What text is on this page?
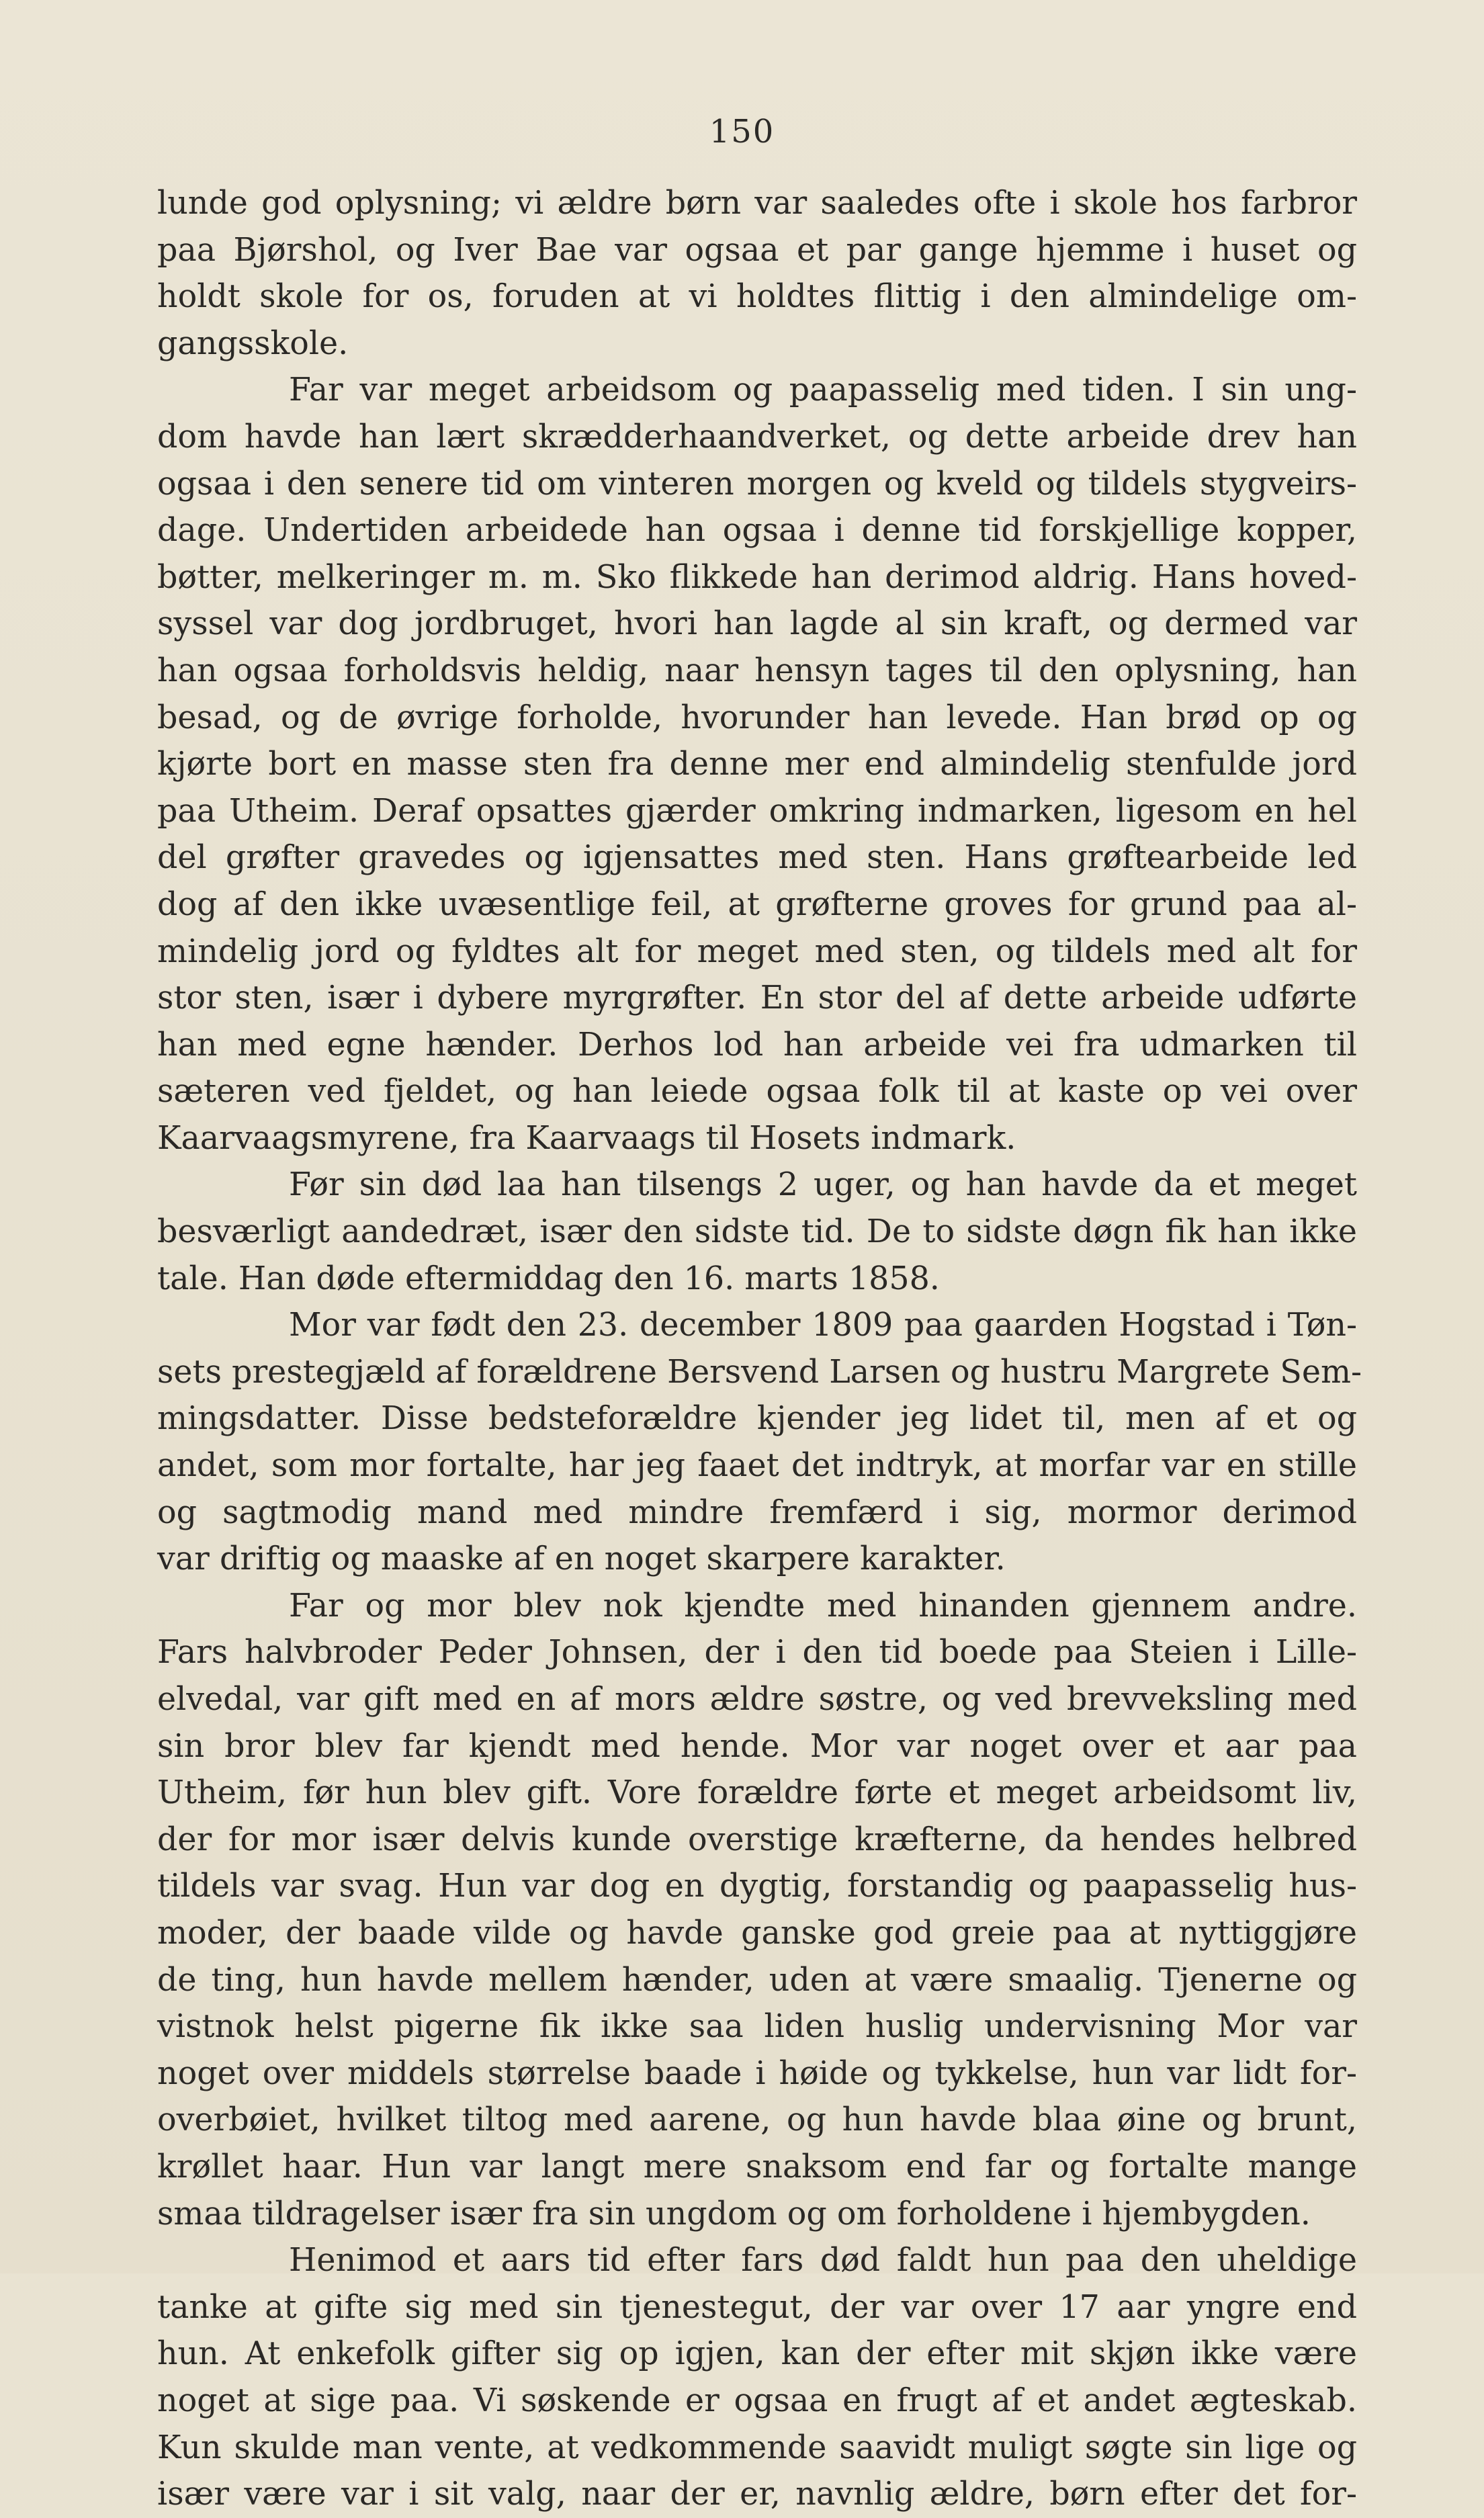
150
lunde god oplysning; vi ældre børn var saaledes ofte i skole hos farbror
paa Bjørshol, og Iver Bae var ogsaa et par gange hjemme i huset og
holdt skole for os, foruden at vi holdtes flittig i den almindelige om-
gangsskole.
Far var meget arbeidsom og paapasselig med tiden. I sin ung-
dom havde han lært skrædderhaandverket, og dette arbeide drev han
ogsaa i den senere tid om vinteren morgen og kveld og tildels stygveirs-
dage. Undertiden arbeidede han ogsaa i denne tid forskjellige kopper,
bøtter, melkeringer m. m. Sko flikkede han derimod aldrig. Hans hoved-
syssel var dog jordbruget, hvori han lagde al sin kraft, og dermed var
han ogsaa forholdsvis heldig, naar hensyn tages til den oplysning, han
besad, og de øvrige forholde, hvorunder han levede. Han brød op og
kjørte bort en masse sten fra denne mer end almindelig stenfulde jord
paa Utheim. Deraf opsattes gjærder omkring indmarken, ligesom en hel
del grøfter gravedes og igjensattes med sten. Hans grøftearbeide led
dog af den ikke uvæsentlige feil, at grøfterne groves for grund paa al-
mindelig jord og fyldtes alt for meget med sten, og tildels med alt for
stor sten, især i dybere myrgrøfter. En stor del af dette arbeide udførte
han med egne hænder. Derhos lod han arbeide vei fra udmarken til
sæteren ved fjeldet, og han leiede ogsaa folk til at kaste op vei over
Kaarvaagsmyrene, fra Kaarvaags til Hosets indmark.
Før sin død laa han tilsengs 2 uger, og han havde da et meget
besværligt aandedræt, især den sidste tid. De to sidste døgn fik han ikke
tale. Han døde eftermiddag den 16. marts 1858.
Mor var født den 23. december 1809 paa gaarden Hogstad i Tøn-
sets prestegjæld af forældrene Bersvend Larsen og hustru Margrete Sem-
mingsdatter. Disse bedsteforældre kjender jeg lidet til, men af et og
andet, som mor fortalte, har jeg faaet det indtryk, at morfar var en stille
og sagtmodig mand med mindre fremfærd i sig, mormor derimod
var driftig og maaske af en noget skarpere karakter.
Far og mor blev nok kjendte med hinanden gjennem andre.
Fars halvbroder Peder Johnsen, der i den tid boede paa Steien i Lille-
elvedal, var gift med en af mors ældre søstre, og ved brevveksling med
sin bror blev far kjendt med hende. Mor var noget over et aar paa
Utheim, før hun blev gift. Vore forældre førte et meget arbeidsomt liv,
der for mor især delvis kunde overstige kræfterne, da hendes helbred
tildels var svag. Hun var dog en dygtig, forstandig og paapasselig hus-
moder, der baade vilde og havde ganske god greie paa at nyttiggjøre
de ting, hun havde mellem hænder, uden at være smaalig. Tjenerne og
vistnok helst pigerne fik ikke saa liden huslig undervisning Mor var
noget over middels størrelse baade i høide og tykkelse, hun var lidt for-
overbøiet, hvilket tiltog med aarene, og hun havde blaa øine og brunt,
krøllet haar. Hun var langt mere snaksom end far og fortalte mange
smaa tildragelser især fra sin ungdom og om forholdene i hjembygden.
Henimod et aars tid efter fars død faldt hun paa den uheldige
tanke at gifte sig med sin tjenestegut, der var over 17 aar yngre end
hun. At enkefolk gifter sig op igjen, kan der efter mit skjøn ikke være
noget at sige paa. Vi søskende er ogsaa en frugt af et andet ægteskab.
Kun skulde man vente, at vedkommende saavidt muligt søgte sin lige og
især være var i sit valg, naar der er, navnlig ældre, børn efter det for-
